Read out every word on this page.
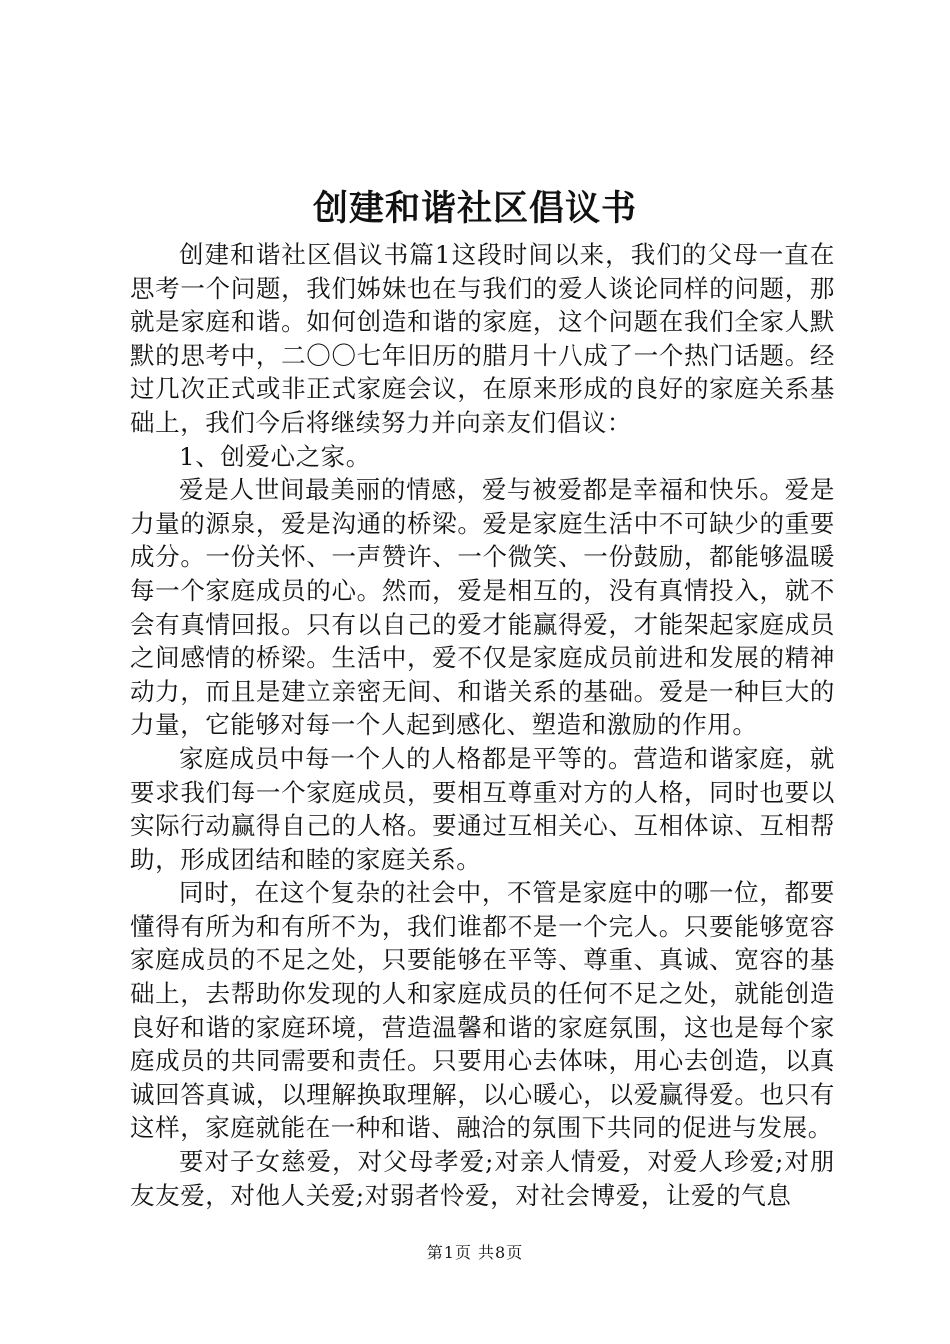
创建和谐社区倡议书

创建和谐社区倡议书篇1这段时间以来，我们的父母一直在思考一个问题，我们姊妹也在与我们的爱人谈论同样的问题，那就是家庭和谐。如何创造和谐的家庭，这个问题在我们全家人默默的思考中，二〇〇七年旧历的腊月十八成了一个热门话题。经过几次正式或非正式家庭会议，在原来形成的良好的家庭关系基础上，我们今后将继续努力并向亲友们倡议：

1、创爱心之家。

爱是人世间最美丽的情感，爱与被爱都是幸福和快乐。爱是力量的源泉，爱是沟通的桥梁。爱是家庭生活中不可缺少的重要成分。一份关怀、一声赞许、一个微笑、一份鼓励，都能够温暖每一个家庭成员的心。然而，爱是相互的，没有真情投入，就不会有真情回报。只有以自己的爱才能赢得爱，才能架起家庭成员之间感情的桥梁。生活中，爱不仅是家庭成员前进和发展的精神动力，而且是建立亲密无间、和谐关系的基础。爱是一种巨大的力量，它能够对每一个人起到感化、塑造和激励的作用。

家庭成员中每一个人的人格都是平等的。营造和谐家庭，就要求我们每一个家庭成员，要相互尊重对方的人格，同时也要以实际行动赢得自己的人格。要通过互相关心、互相体谅、互相帮助，形成团结和睦的家庭关系。

同时，在这个复杂的社会中，不管是家庭中的哪一位，都要懂得有所为和有所不为，我们谁都不是一个完人。只要能够宽容家庭成员的不足之处，只要能够在平等、尊重、真诚、宽容的基础上，去帮助你发现的人和家庭成员的任何不足之处，就能创造良好和谐的家庭环境，营造温馨和谐的家庭氛围，这也是每个家庭成员的共同需要和责任。只要用心去体味，用心去创造，以真诚回答真诚，以理解换取理解，以心暖心，以爱赢得爱。也只有这样，家庭就能在一种和谐、融洽的氛围下共同的促进与发展。

要对子女慈爱，对父母孝爱;对亲人情爱，对爱人珍爱;对朋友友爱，对他人关爱;对弱者怜爱，对社会博爱，让爱的气息

第1页 共8页
